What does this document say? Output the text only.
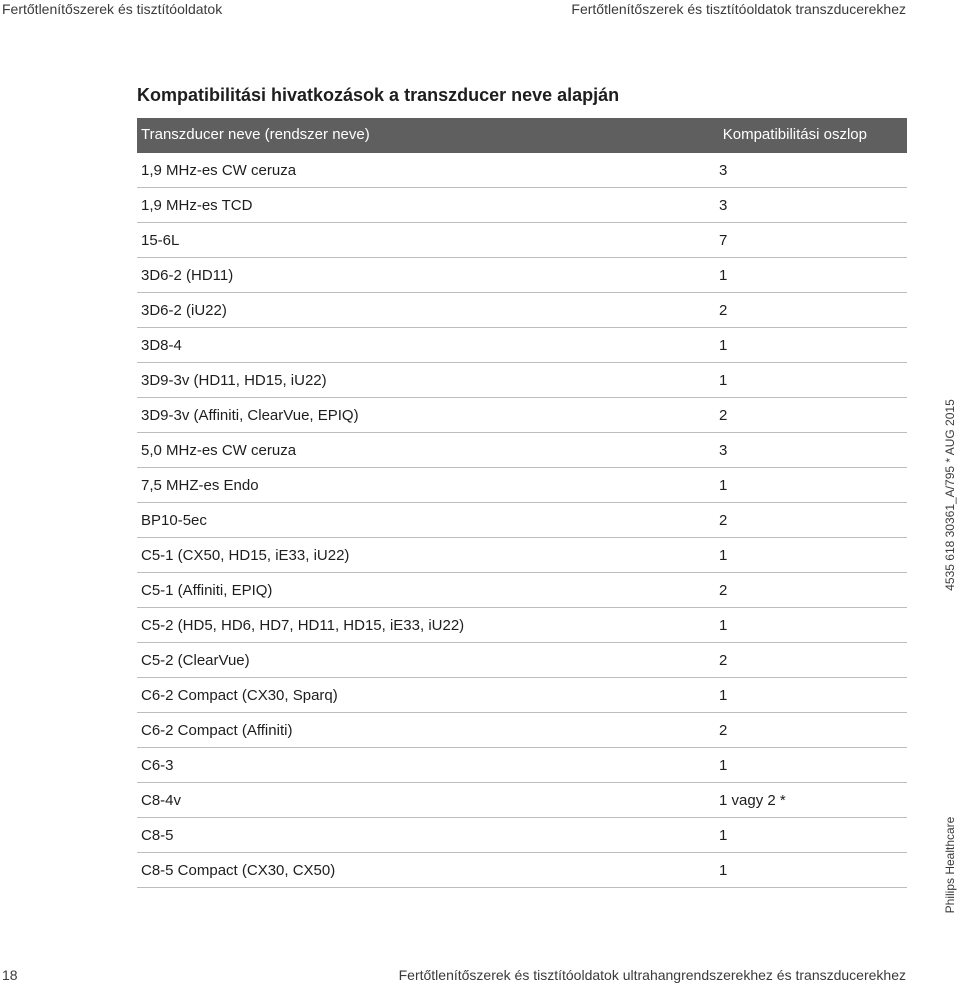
Fertőtlenítőszerek és tisztítóoldatok	Fertőtlenítőszerek és tisztítóoldatok transzducerekhez
Kompatibilitási hivatkozások a transzducer neve alapján
Transzducer neve (rendszer neve)	Kompatibilitási oszlop
1,9 MHz-es CW ceruza	3
1,9 MHz-es TCD	3
15-6L	7
3D6-2 (HD11)	1
3D6-2 (iU22)	2
3D8-4	1
3D9-3v (HD11, HD15, iU22)	1
3D9-3v (Affiniti, ClearVue, EPIQ)	2
5,0 MHz-es CW ceruza	3
7,5 MHZ-es Endo	1
BP10-5ec	2
C5-1 (CX50, HD15, iE33, iU22)	1
C5-1 (Affiniti, EPIQ)	2
C5-2 (HD5, HD6, HD7, HD11, HD15, iE33, iU22)	1
C5-2 (ClearVue)	2
C6-2 Compact (CX30, Sparq)	1
C6-2 Compact (Affiniti)	2
C6-3	1
C8-4v	1 vagy 2 *
C8-5	1
C8-5 Compact (CX30, CX50)	1
4535 618 30361_A/795 * AUG 2015
Philips Healthcare
18	Fertőtlenítőszerek és tisztítóoldatok ultrahangrendszerekhez és transzducerekhez
